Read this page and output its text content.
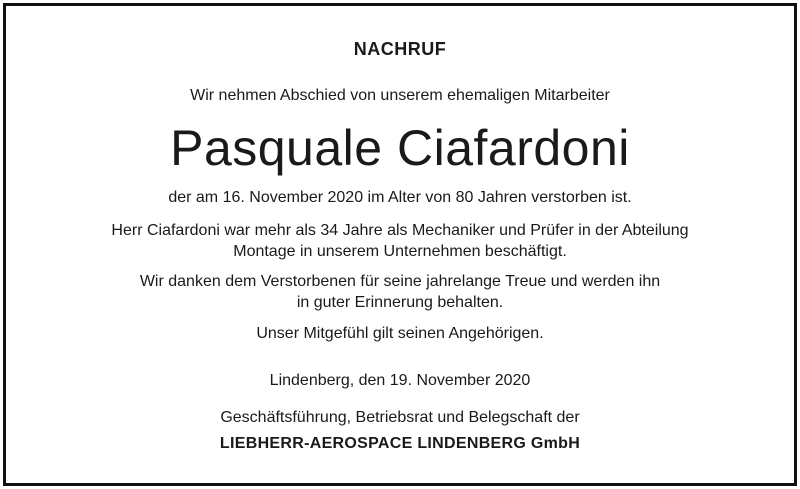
NACHRUF
Wir nehmen Abschied von unserem ehemaligen Mitarbeiter
Pasquale Ciafardoni
der am 16. November 2020 im Alter von 80 Jahren verstorben ist.
Herr Ciafardoni war mehr als 34 Jahre als Mechaniker und Prüfer in der Abteilung
Montage in unserem Unternehmen beschäftigt.
Wir danken dem Verstorbenen für seine jahrelange Treue und werden ihn
in guter Erinnerung behalten.
Unser Mitgefühl gilt seinen Angehörigen.
Lindenberg, den 19. November 2020
Geschäftsführung, Betriebsrat und Belegschaft der
LIEBHERR-AEROSPACE LINDENBERG GmbH
